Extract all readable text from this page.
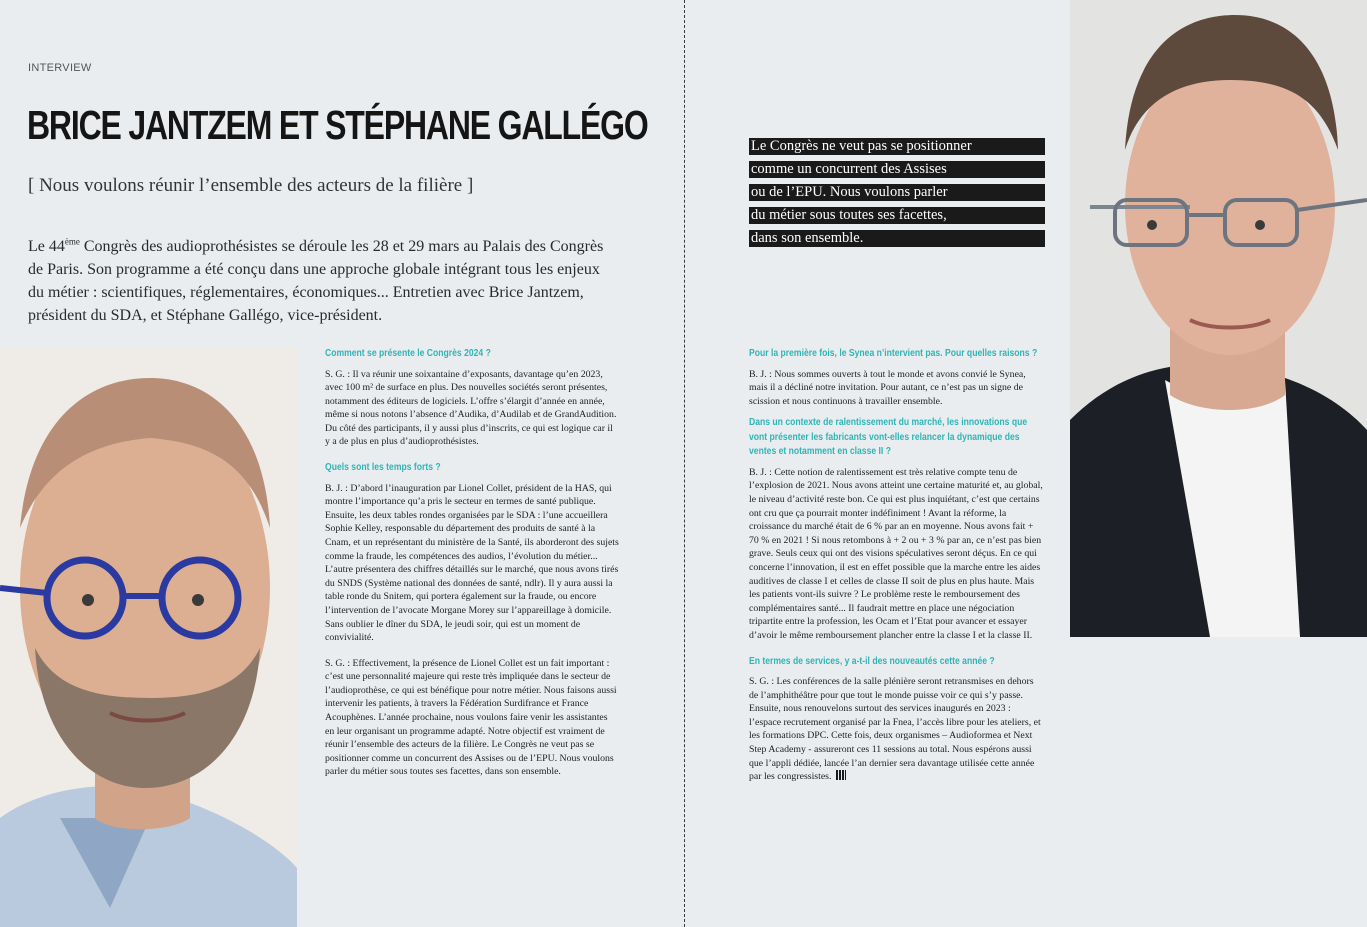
INTERVIEW
BRICE JANTZEM ET STÉPHANE GALLÉGO
[ Nous voulons réunir l’ensemble des acteurs de la filière ]

Le 44ème Congrès des audioprothésistes se déroule les 28 et 29 mars au Palais des Congrès de Paris. Son programme a été conçu dans une approche globale intégrant tous les enjeux du métier : scientifiques, réglementaires, économiques... Entretien avec Brice Jantzem, président du SDA, et Stéphane Gallégo, vice-président.

Comment se présente le Congrès 2024 ?

S. G. : Il va réunir une soixantaine d’exposants, davantage qu’en 2023, avec 100 m² de surface en plus. Des nouvelles sociétés seront présentes, notamment des éditeurs de logiciels. L’offre s’élargit d’année en année, même si nous notons l’absence d’Audika, d’Audilab et de GrandAudition. Du côté des participants, il y aussi plus d’inscrits, ce qui est logique car il y a de plus en plus d’audioprothésistes.

Quels sont les temps forts ?

B. J. : D’abord l’inauguration par Lionel Collet, président de la HAS, qui montre l’importance qu’a pris le secteur en termes de santé publique. Ensuite, les deux tables rondes organisées par le SDA : l’une accueillera Sophie Kelley, responsable du département des produits de santé à la Cnam, et un représentant du ministère de la Santé, ils aborderont des sujets comme la fraude, les compétences des audios, l’évolution du métier... L’autre présentera des chiffres détaillés sur le marché, que nous avons tirés du SNDS (Système national des données de santé, ndlr). Il y aura aussi la table ronde du Snitem, qui portera également sur la fraude, ou encore l’intervention de l’avocate Morgane Morey sur l’appareillage à domicile. Sans oublier le dîner du SDA, le jeudi soir, qui est un moment de convivialité.

S. G. : Effectivement, la présence de Lionel Collet est un fait important : c’est une personnalité majeure qui reste très impliquée dans le secteur de l’audioprothèse, ce qui est bénéfique pour notre métier. Nous faisons aussi intervenir les patients, à travers la Fédération Surdifrance et France Acouphènes. L’année prochaine, nous voulons faire venir les assistantes en leur organisant un programme adapté. Notre objectif est vraiment de réunir l’ensemble des acteurs de la filière. Le Congrès ne veut pas se positionner comme un concurrent des Assises ou de l’EPU. Nous voulons parler du métier sous toutes ses facettes, dans son ensemble.

Le Congrès ne veut pas se positionner
comme un concurrent des Assises
ou de l’EPU. Nous voulons parler
du métier sous toutes ses facettes,
dans son ensemble.
Pour la première fois, le Synea n’intervient pas. Pour quelles raisons ?

B. J. : Nous sommes ouverts à tout le monde et avons convié le Synea, mais il a décliné notre invitation. Pour autant, ce n’est pas un signe de scission et nous continuons à travailler ensemble.

Dans un contexte de ralentissement du marché, les innovations que vont présenter les fabricants vont-elles relancer la dynamique des ventes et notamment en classe II ?

B. J. : Cette notion de ralentissement est très relative compte tenu de l’explosion de 2021. Nous avons atteint une certaine maturité et, au global, le niveau d’activité reste bon. Ce qui est plus inquiétant, c’est que certains ont cru que ça pourrait monter indéfiniment ! Avant la réforme, la croissance du marché était de 6 % par an en moyenne. Nous avons fait + 70 % en 2021 ! Si nous retombons à + 2 ou + 3 % par an, ce n’est pas bien grave. Seuls ceux qui ont des visions spéculatives seront déçus. En ce qui concerne l’innovation, il est en effet possible que la marche entre les aides auditives de classe I et celles de classe II soit de plus en plus haute. Mais les patients vont-ils suivre ? Le problème reste le remboursement des complémentaires santé... Il faudrait mettre en place une négociation tripartite entre la profession, les Ocam et l’Etat pour avancer et essayer d’avoir le même remboursement plancher entre la classe I et la classe II.

En termes de services, y a-t-il des nouveautés cette année ?

S. G. : Les conférences de la salle plénière seront retransmises en dehors de l’amphithéâtre pour que tout le monde puisse voir ce qui s’y passe. Ensuite, nous renouvelons surtout des services inaugurés en 2023 : l’espace recrutement organisé par la Fnea, l’accès libre pour les ateliers, et les formations DPC. Cette fois, deux organismes – Audioformea et Next Step Academy - assureront ces 11 sessions au total. Nous espérons aussi que l’appli dédiée, lancée l’an dernier sera davantage utilisée cette année par les congressistes.
